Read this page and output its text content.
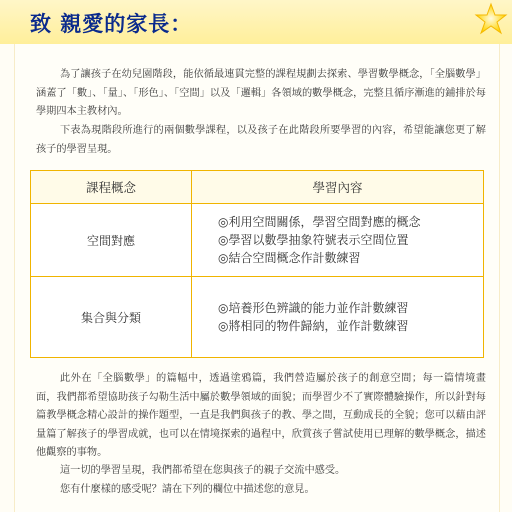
致 親愛的家長：
為了讓孩子在幼兒園階段，能依循最連貫完整的課程規劃去探索、學習數學概念，「全腦數學」涵蓋了「數」、「量」、「形色」、「空間」以及「邏輯」各領域的數學概念，完整且循序漸進的鋪排於每學期四本主教材內。
下表為現階段所進行的兩個數學課程，以及孩子在此階段所要學習的內容，希望能讓您更了解孩子的學習呈現。
課程概念	學習內容
空間對應	◎利用空間關係，學習空間對應的概念
◎學習以數學抽象符號表示空間位置
◎結合空間概念作計數練習

集合與分類	◎培養形色辨識的能力並作計數練習
◎將相同的物件歸納，並作計數練習
此外在「全腦數學」的篇幅中，透過塗鴉篇，我們營造屬於孩子的創意空間；每一篇情境畫面，我們都希望協助孩子勾勒生活中屬於數學領域的面貌；而學習少不了實際體驗操作，所以針對每篇教學概念精心設計的操作題型，一直是我們與孩子的教、學之間，互動成長的全貌；您可以藉由評量篇了解孩子的學習成就，也可以在情境探索的過程中，欣賞孩子嘗試使用已理解的數學概念，描述他觀察的事物。
這一切的學習呈現，我們都希望在您與孩子的親子交流中感受。
您有什麼樣的感受呢？請在下列的欄位中描述您的意見。
